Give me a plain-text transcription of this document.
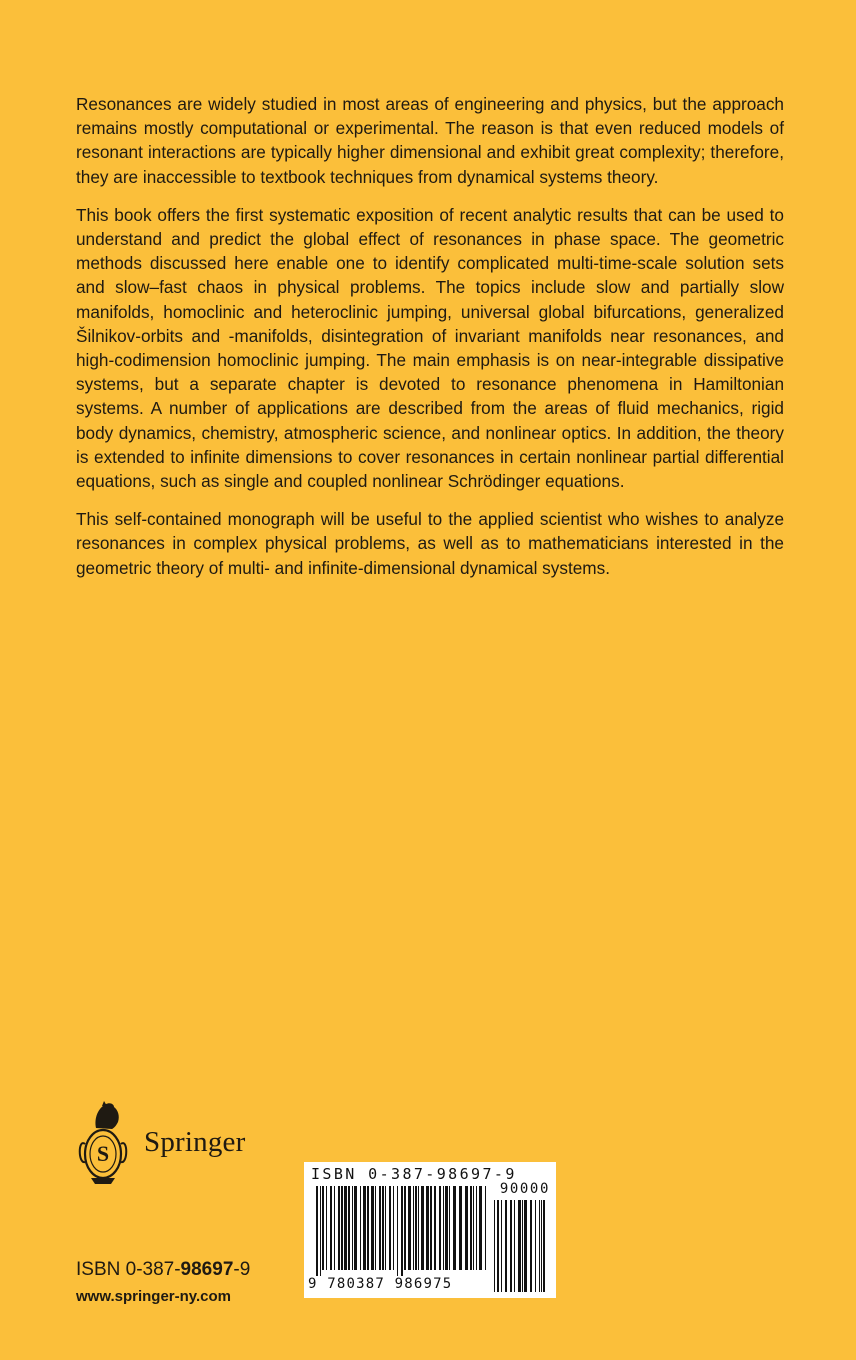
Resonances are widely studied in most areas of engineering and physics, but the approach remains mostly computational or experimental. The reason is that even reduced models of resonant interactions are typically higher dimensional and exhibit great complexity; therefore, they are inaccessible to textbook techniques from dynamical systems theory.

This book offers the first systematic exposition of recent analytic results that can be used to understand and predict the global effect of resonances in phase space. The geometric methods discussed here enable one to identify complicated multi-time-scale solution sets and slow–fast chaos in physical problems. The topics include slow and partially slow manifolds, homoclinic and heteroclinic jumping, universal global bifurcations, generalized Šilnikov-orbits and -manifolds, disintegration of invariant manifolds near resonances, and high-codimension homoclinic jumping. The main emphasis is on near-integrable dissipative systems, but a separate chapter is devoted to resonance phenomena in Hamiltonian systems. A number of applications are described from the areas of fluid mechanics, rigid body dynamics, chemistry, atmospheric science, and nonlinear optics. In addition, the theory is extended to infinite dimensions to cover resonances in certain nonlinear partial differential equations, such as single and coupled nonlinear Schrödinger equations.

This self-contained monograph will be useful to the applied scientist who wishes to analyze resonances in complex physical problems, as well as to mathematicians interested in the geometric theory of multi- and infinite-dimensional dynamical systems.

S Springer
ISBN 0-387-98697-9
www.springer-ny.com
ISBN 0-387-98697-9
90000
9 780387 986975
